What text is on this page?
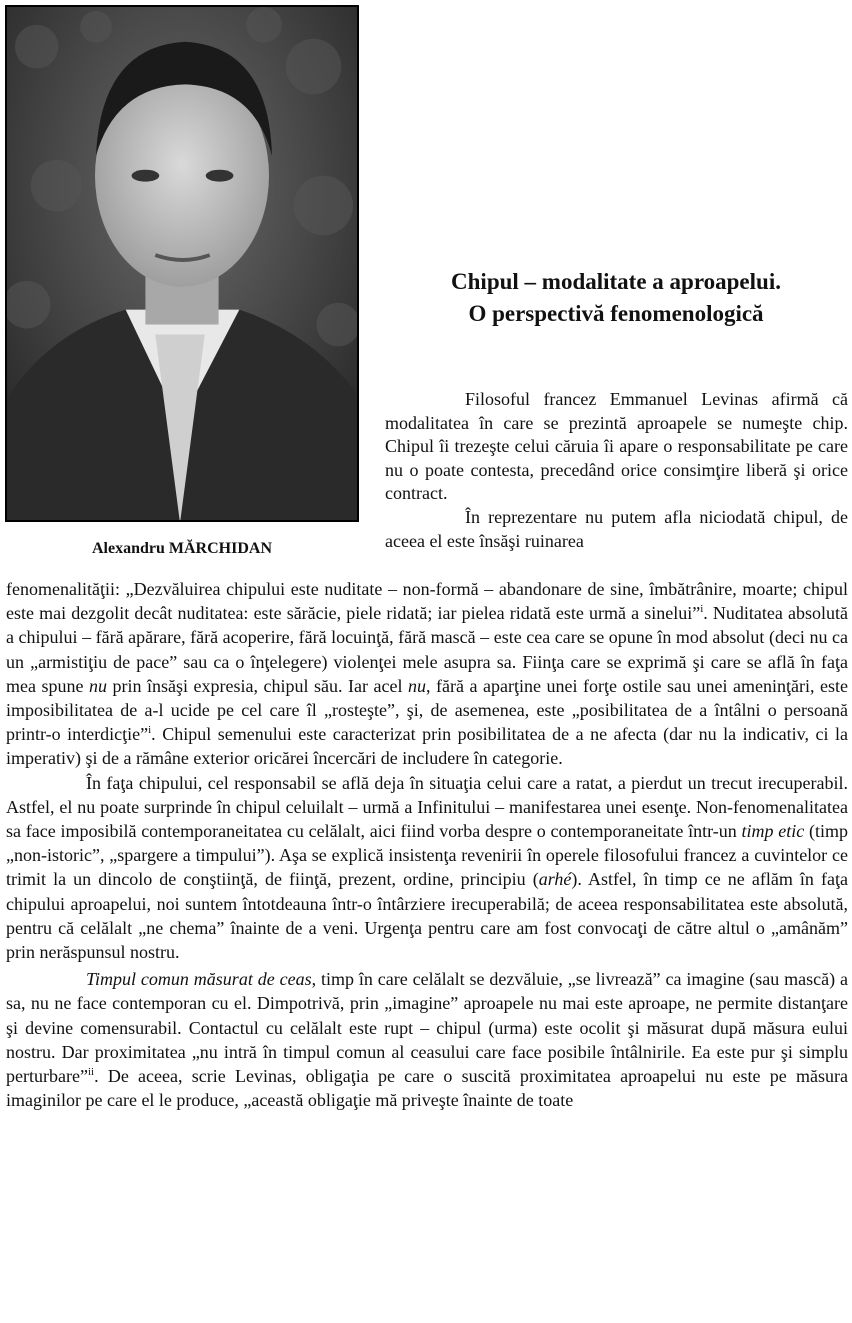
Alexandru MĂRCHIDAN
Chipul – modalitate a aproapelui.
O perspectivă fenomenologică

Filosoful francez Emmanuel Levinas afirmă că modalitatea în care se prezintă aproapele se numeşte chip. Chipul îi trezeşte celui căruia îi apare o responsabilitate pe care nu o poate contesta, precedând orice consimţire liberă şi orice contract.

În reprezentare nu putem afla niciodată chipul, de aceea el este însăşi ruinarea

fenomenalităţii: „Dezvăluirea chipului este nuditate – non-formă – abandonare de sine, îmbătrânire, moarte; chipul este mai dezgolit decât nuditatea: este sărăcie, piele ridată; iar pielea ridată este urmă a sinelui”$^i$. Nuditatea absolută a chipului – fără apărare, fără acoperire, fără locuinţă, fără mască – este cea care se opune în mod absolut (deci nu ca un „armistiţiu de pace” sau ca o înţelegere) violenţei mele asupra sa. Fiinţa care se exprimă şi care se află în faţa mea spune nu prin însăşi expresia, chipul său. Iar acel nu, fără a aparţine unei forţe ostile sau unei ameninţări, este imposibilitatea de a-l ucide pe cel care îl „rosteşte”, şi, de asemenea, este „posibilitatea de a întâlni o persoană printr-o interdicţie”$^i$. Chipul semenului este caracterizat prin posibilitatea de a ne afecta (dar nu la indicativ, ci la imperativ) şi de a rămâne exterior oricărei încercări de includere în categorie.

În faţa chipului, cel responsabil se află deja în situaţia celui care a ratat, a pierdut un trecut irecuperabil. Astfel, el nu poate surprinde în chipul celuilalt – urmă a Infinitului – manifestarea unei esenţe. Non-fenomenalitatea sa face imposibilă contemporaneitatea cu celălalt, aici fiind vorba despre o contemporaneitate într-un timp etic (timp „non-istoric”, „spargere a timpului”). Aşa se explică insistenţa revenirii în operele filosofului francez a cuvintelor ce trimit la un dincolo de conştiinţă, de fiinţă, prezent, ordine, principiu (arhé). Astfel, în timp ce ne aflăm în faţa chipului aproapelui, noi suntem întotdeauna într-o întârziere irecuperabilă; de aceea responsabilitatea este absolută, pentru că celălalt „ne chema” înainte de a veni. Urgenţa pentru care am fost convocaţi de către altul o „amânăm” prin nerăspunsul nostru.

Timpul comun măsurat de ceas, timp în care celălalt se dezvăluie, „se livrează” ca imagine (sau mască) a sa, nu ne face contemporan cu el. Dimpotrivă, prin „imagine” aproapele nu mai este aproape, ne permite distanţare şi devine comensurabil. Contactul cu celălalt este rupt – chipul (urma) este ocolit şi măsurat după măsura eului nostru. Dar proximitatea „nu intră în timpul comun al ceasului care face posibile întâlnirile. Ea este pur şi simplu perturbare”$^{ii}$. De aceea, scrie Levinas, obligaţia pe care o suscită proximitatea aproapelui nu este pe măsura imaginilor pe care el le produce, „această obligaţie mă priveşte înainte de toate
